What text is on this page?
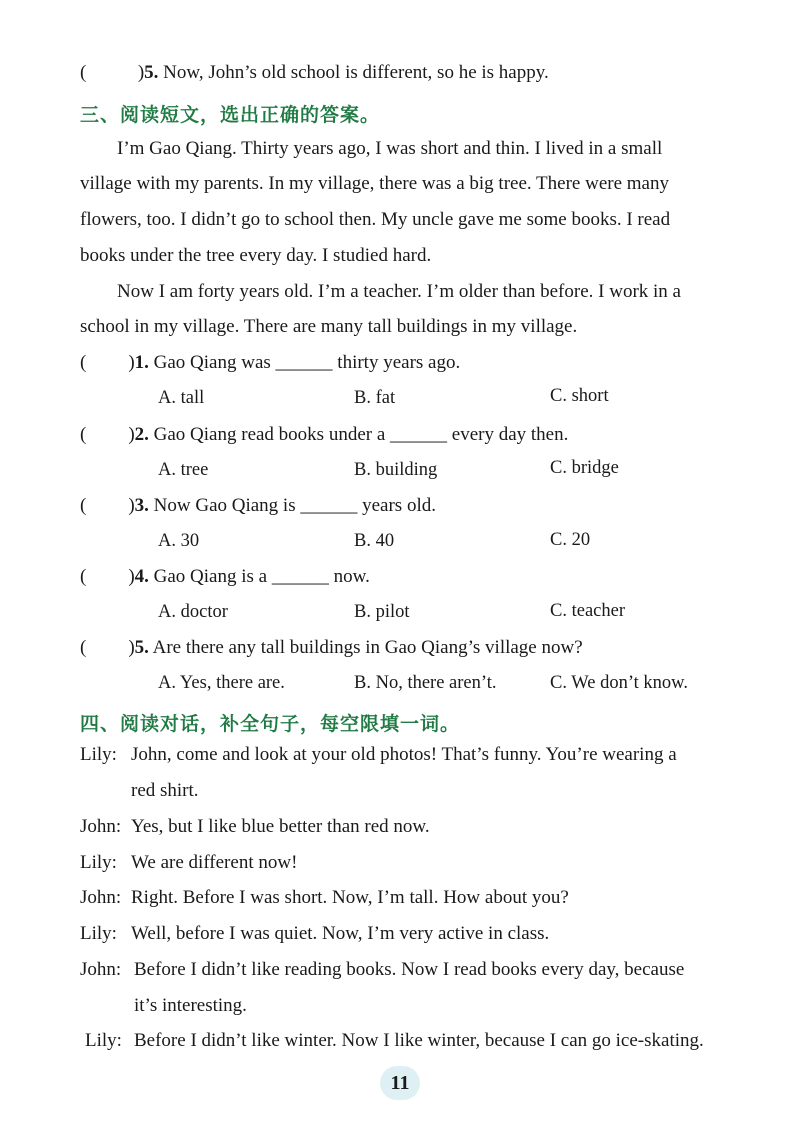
(	)5. Now, John’s old school is different, so he is happy.
三、阅读短文，选出正确的答案。
I’m Gao Qiang. Thirty years ago, I was short and thin. I lived in a small
village with my parents. In my village, there was a big tree. There were many
flowers, too. I didn’t go to school then. My uncle gave me some books. I read
books under the tree every day. I studied hard.
Now I am forty years old. I’m a teacher. I’m older than before. I work in a
school in my village. There are many tall buildings in my village.
( )1. Gao Qiang was ______ thirty years ago.
A. tall	B. fat	C. short
( )2. Gao Qiang read books under a ______ every day then.
A. tree	B. building	C. bridge
( )3. Now Gao Qiang is ______ years old.
A. 30	B. 40	C. 20
( )4. Gao Qiang is a ______ now.
A. doctor	B. pilot	C. teacher
( )5. Are there any tall buildings in Gao Qiang’s village now?
A. Yes, there are.	B. No, there aren’t.	C. We don’t know.
四、阅读对话，补全句子，每空限填一词。
Lily: John, come and look at your old photos! That’s funny. You’re wearing a
red shirt.
John: Yes, but I like blue better than red now.
Lily: We are different now!
John: Right. Before I was short. Now, I’m tall. How about you?
Lily: Well, before I was quiet. Now, I’m very active in class.
John: Before I didn’t like reading books. Now I read books every day, because
it’s interesting.
Lily: Before I didn’t like winter. Now I like winter, because I can go ice-skating.
11
